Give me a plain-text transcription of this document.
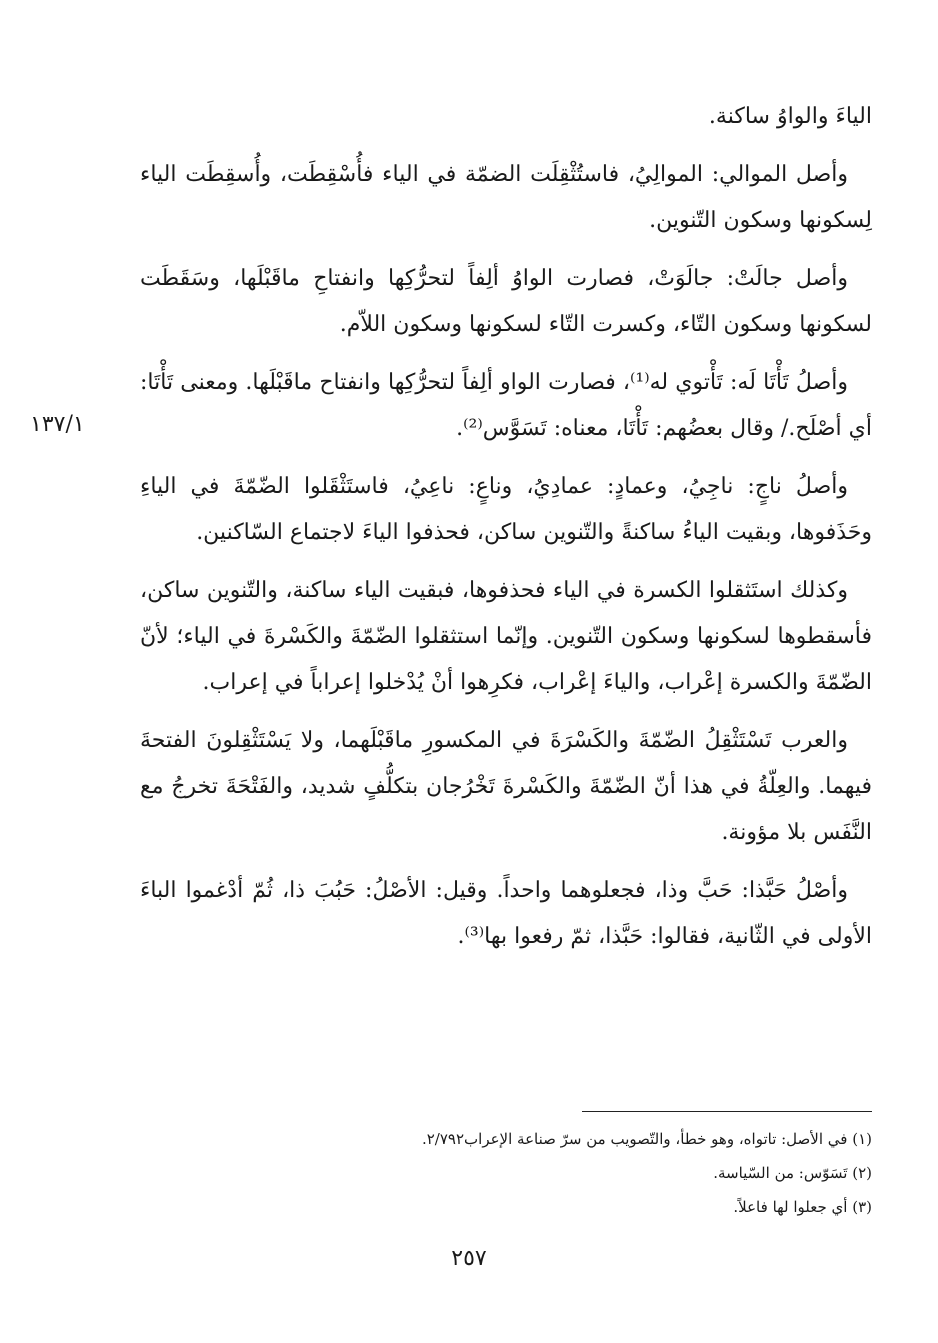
الياءَ والواوُ ساكنة.

وأصل الموالي: الموالِيُ، فاستُثْقِلَت الضمّة في الياء فأُسْقِطَت، وأُسقِطَت الياء لِسكونها وسكون التّنوين.

وأصل جالَتْ: جالَوَتْ، فصارت الواوُ ألِفاً لتحرُّكِها وانفتاحِ ماقَبْلَها، وسَقَطَت لسكونها وسكون التّاء، وكسرت التّاء لسكونها وسكون اللاّم.

وأصلُ تَأْتَا لَه: تَأْتوي له⁽¹⁾، فصارت الواو ألِفاً لتحرُّكِها وانفتاح ماقَبْلَها. ومعنى تَأْتَا: أي أصْلَح./ وقال بعضُهم: تَأْتَا، معناه: تَسَوَّس⁽²⁾.

وأصلُ ناجٍ: ناجِيُ، وعمادٍ: عمادِيُ، وناعٍ: ناعِيُ، فاستَثْقَلوا الضّمّةَ في الياءِ وحَذَفوها، وبقيت الياءُ ساكنةً والتّنوين ساكن، فحذفوا الياءَ لاجتماع السّاكنين.

وكذلك استَثقلوا الكسرة في الياء فحذفوها، فبقيت الياء ساكنة، والتّنوين ساكن، فأسقطوها لسكونها وسكون التّنوين. وإنّما استثقلوا الضّمّةَ والكَسْرةَ في الياء؛ لأنّ الضّمّةَ والكسرة إعْراب، والياءَ إعْراب، فكرِهوا أنْ يُدْخلوا إعراباً في إعراب.

والعرب تَسْتَثْقِلُ الضّمّةَ والكَسْرَةَ في المكسورِ ماقَبْلَهما، ولا يَسْتَثْقِلونَ الفتحةَ فيهما. والعِلّةُ في هذا أنّ الضّمّةَ والكَسْرةَ تَخْرُجان بتكلُّفٍ شديد، والفَتْحَةَ تخرجُ مع النَّفَس بلا مؤونة.

وأصْلُ حَبَّذا: حَبَّ وذا، فجعلوهما واحداً. وقيل: الأصْلُ: حَبُبَ ذا، ثُمّ أدْغموا الباءَ الأولى في الثّانية، فقالوا: حَبَّذا، ثمّ رفعوا بها⁽³⁾.

١٣٧/١

(١) في الأصل: تاتواه، وهو خطأ، والتّصويب من سرّ صناعة الإعراب٢/٧٩٢.

(٢) تَسَوّس: من السّياسة.

(٣) أي جعلوا لها فاعلاً.

٢٥٧
